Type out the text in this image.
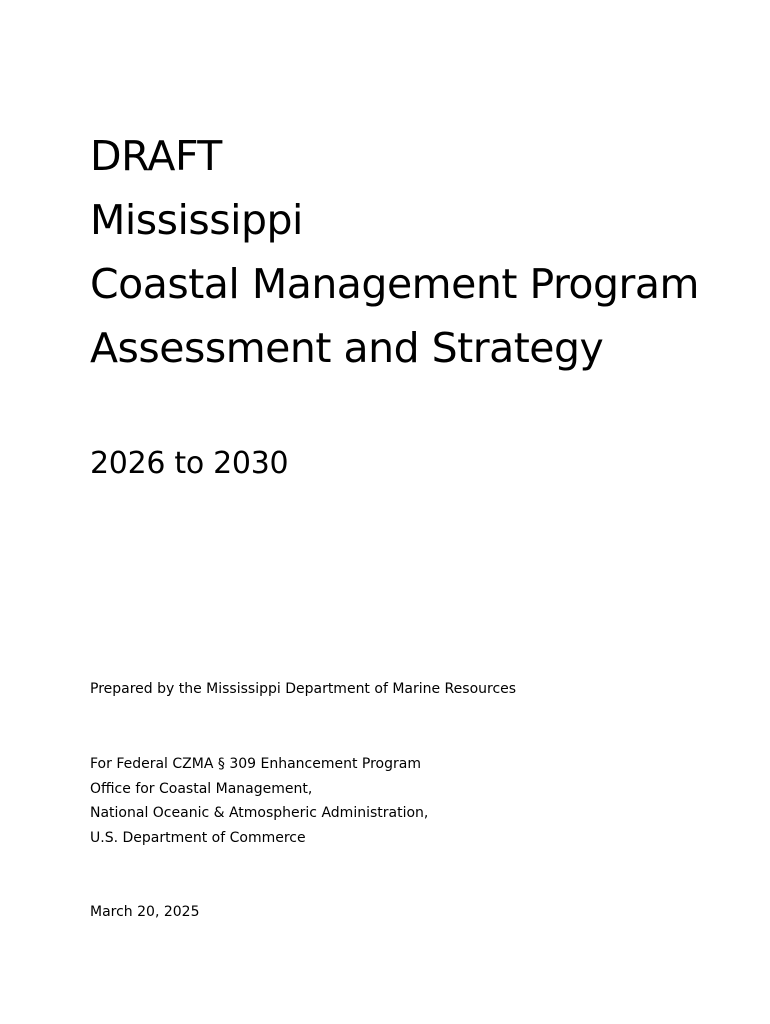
DRAFT
Mississippi
Coastal Management Program
Assessment and Strategy
2026 to 2030
Prepared by the Mississippi Department of Marine Resources
For Federal CZMA § 309 Enhancement Program
Office for Coastal Management,
National Oceanic & Atmospheric Administration,
U.S. Department of Commerce
March 20, 2025
